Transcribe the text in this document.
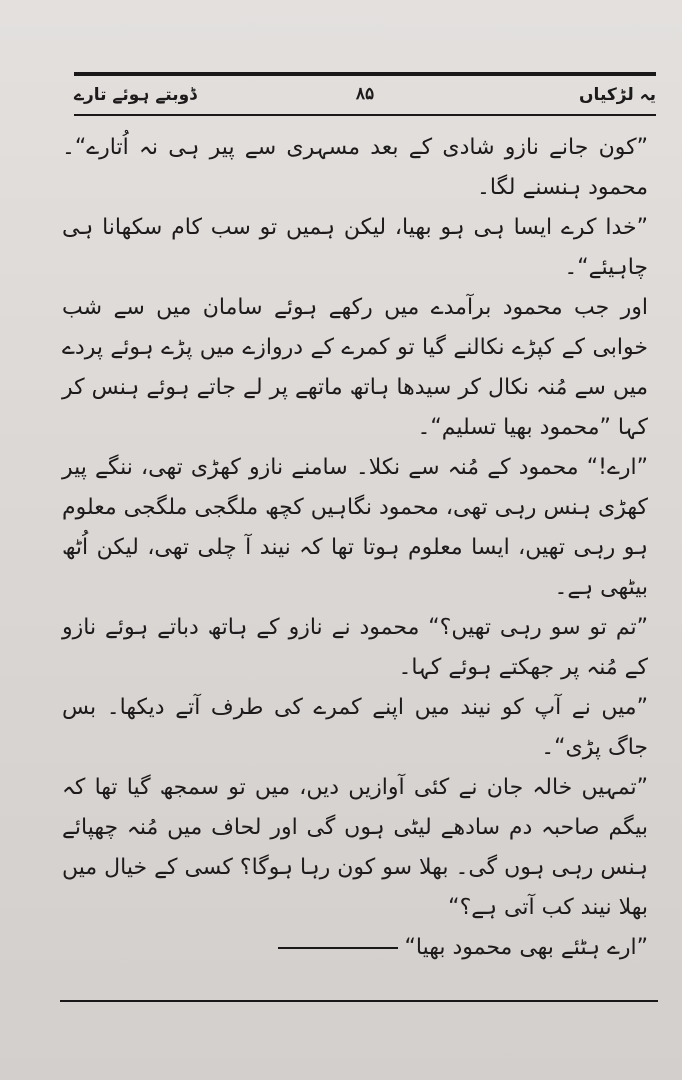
یہ لڑکیاں
۸۵
ڈوبتے ہوئے تارے

”کون جانے نازو شادی کے بعد مسہری سے پیر ہی نہ اُتارے“۔ محمود ہنسنے لگا۔

”خدا کرے ایسا ہی ہو بھیا، لیکن ہمیں تو سب کام سکھانا ہی چاہیئے“۔

اور جب محمود برآمدے میں رکھے ہوئے سامان میں سے شب خوابی کے کپڑے نکالنے گیا تو کمرے کے دروازے میں پڑے ہوئے پردے میں سے مُنہ نکال کر سیدھا ہاتھ ماتھے پر لے جاتے ہوئے ہنس کر کہا ”محمود بھیا تسلیم“۔

”ارے!“ محمود کے مُنہ سے نکلا۔ سامنے نازو کھڑی تھی، ننگے پیر کھڑی ہنس رہی تھی، محمود نگاہیں کچھ ملگجی ملگجی معلوم ہو رہی تھیں، ایسا معلوم ہوتا تھا کہ نیند آ چلی تھی، لیکن اُٹھ بیٹھی ہے۔

”تم تو سو رہی تھیں؟“ محمود نے نازو کے ہاتھ دباتے ہوئے نازو کے مُنہ پر جھکتے ہوئے کہا۔

”میں نے آپ کو نیند میں اپنے کمرے کی طرف آتے دیکھا۔ بس جاگ پڑی“۔

”تمہیں خالہ جان نے کئی آوازیں دیں، میں تو سمجھ گیا تھا کہ بیگم صاحبہ دم سادھے لیٹی ہوں گی اور لحاف میں مُنہ چھپائے ہنس رہی ہوں گی۔ بھلا سو کون رہا ہوگا؟ کسی کے خیال میں بھلا نیند کب آتی ہے؟“

”ارے ہٹئے بھی محمود بھیا“
